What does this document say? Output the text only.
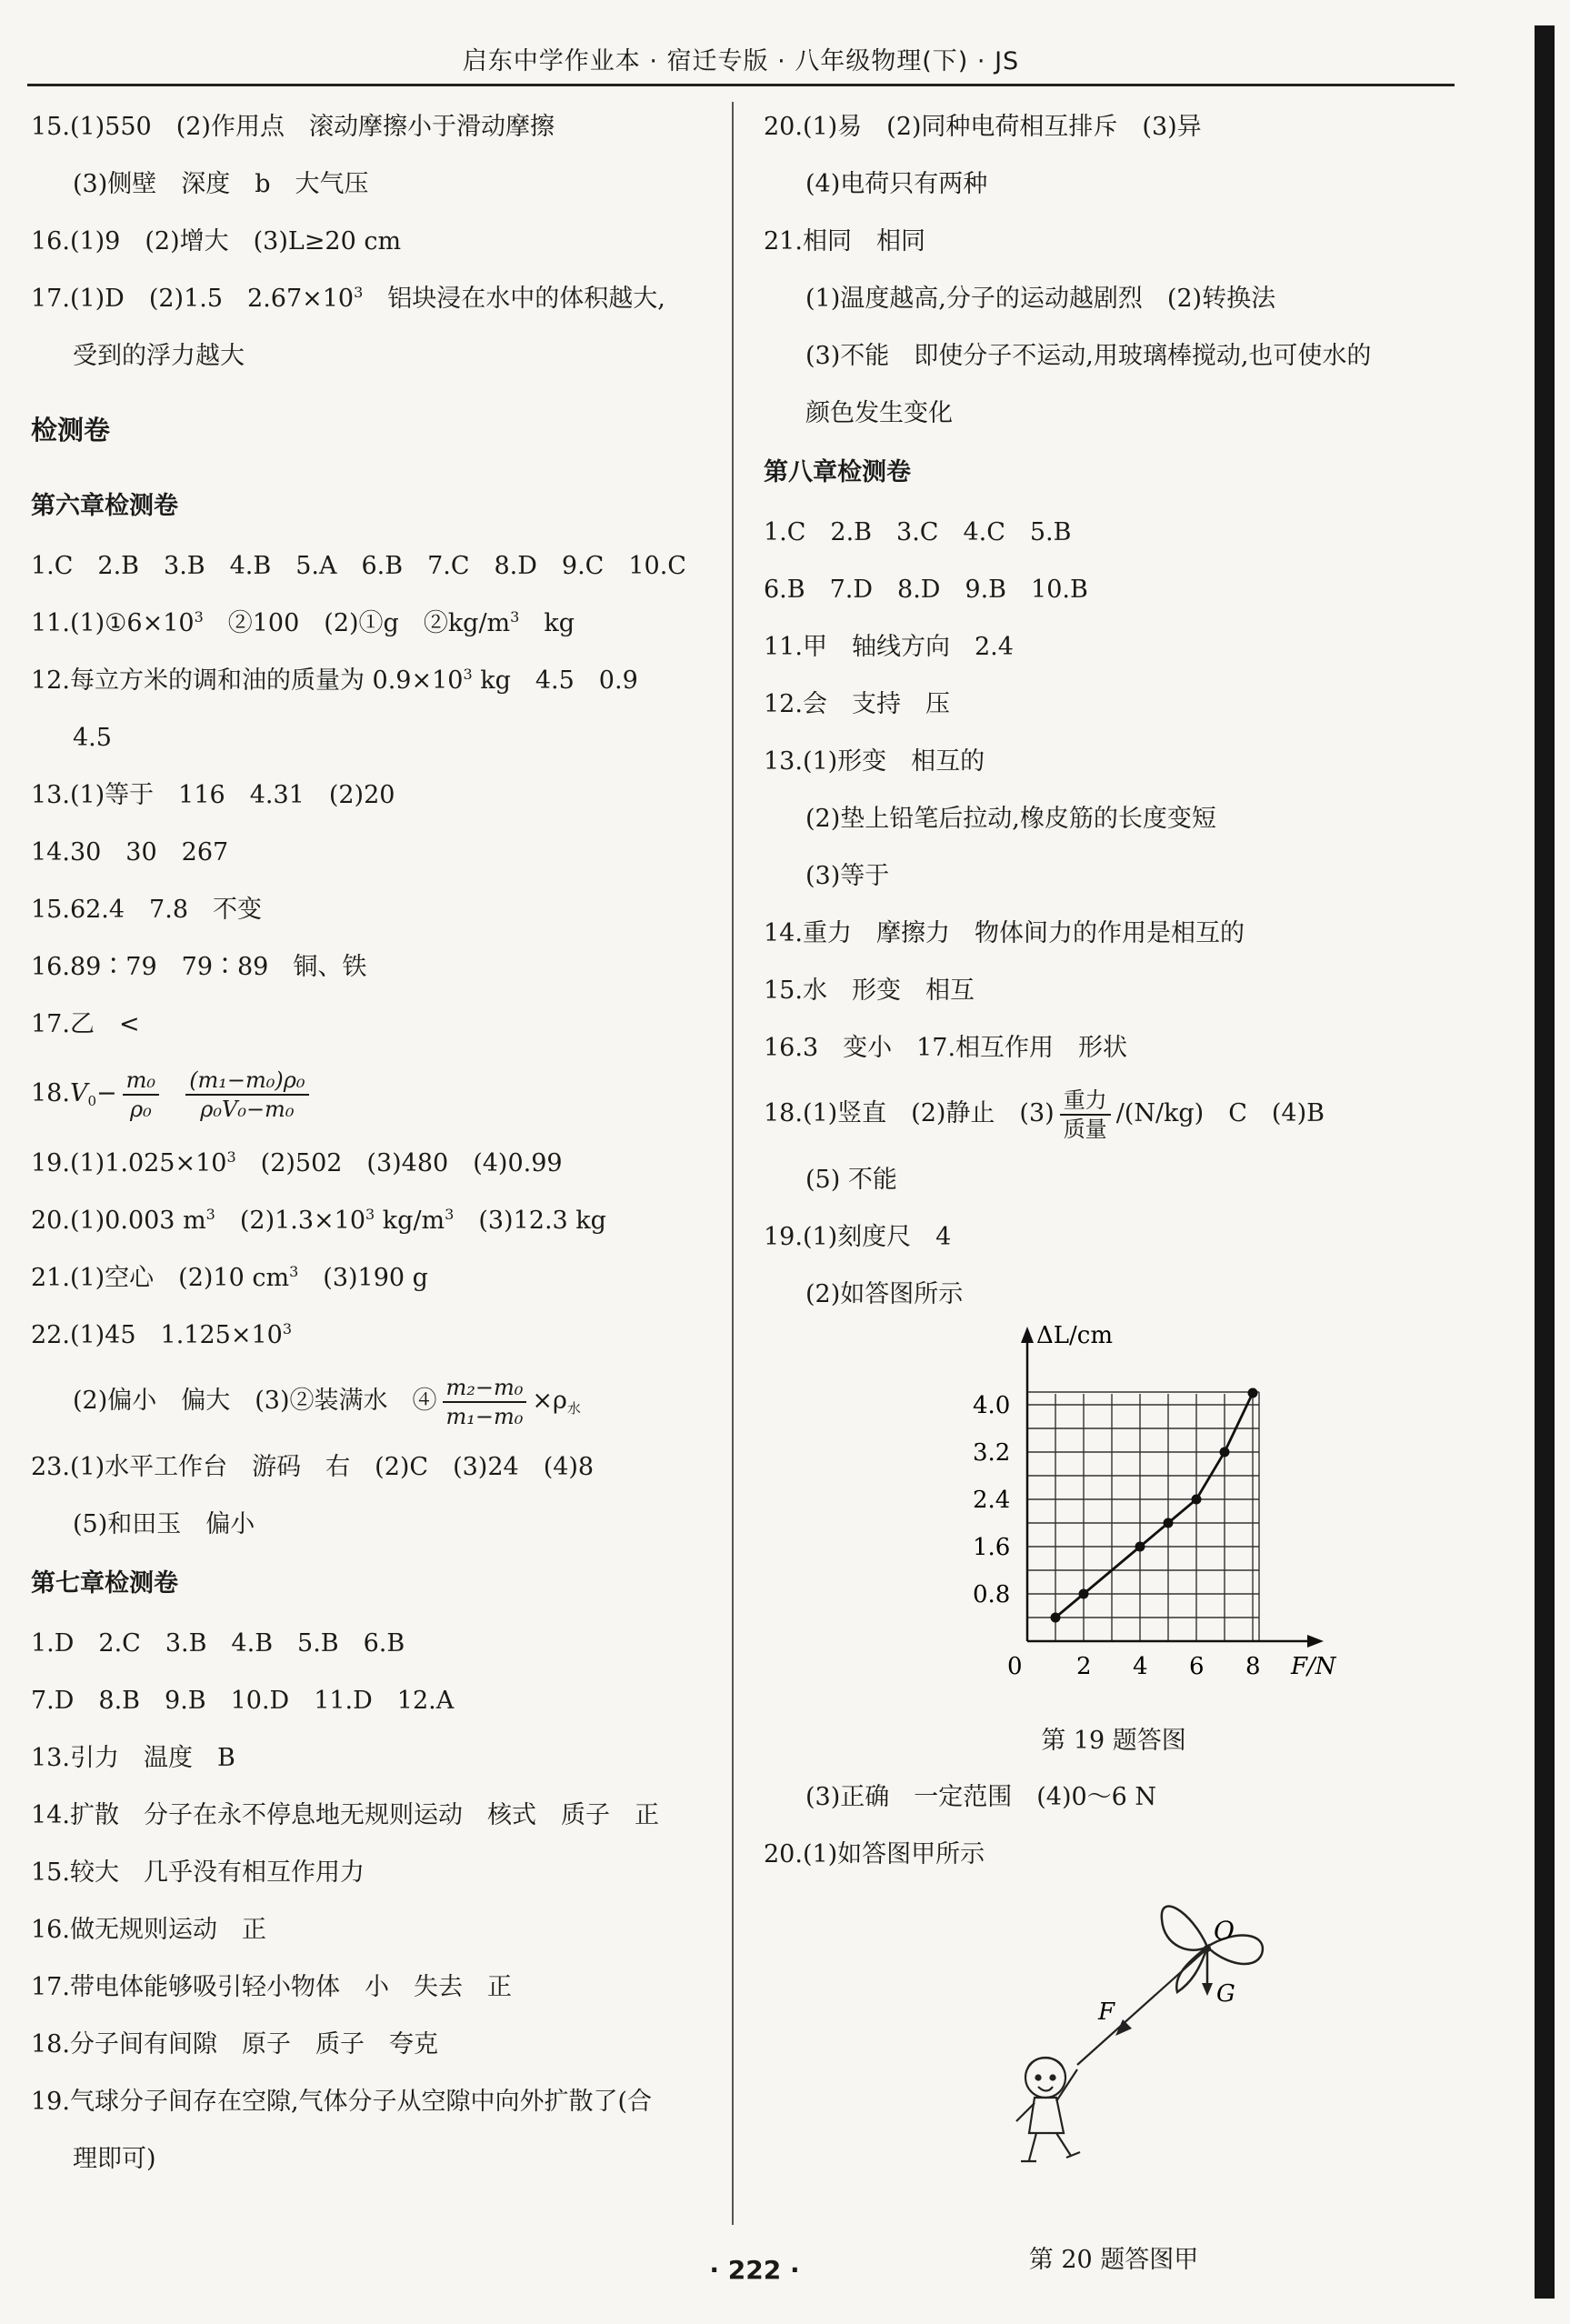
启东中学作业本 · 宿迁专版 · 八年级物理(下) · JS
15.(1)550　(2)作用点　滚动摩擦小于滑动摩擦
(3)侧壁　深度　b　大气压
16.(1)9　(2)增大　(3)L≥20 cm
17.(1)D　(2)1.5　$2.67\times 10^3$　铝块浸在水中的体积越大,
受到的浮力越大
检测卷
第六章检测卷
1.C　2.B　3.B　4.B　5.A　6.B　7.C　8.D　9.C　10.C
$11.(1)①6\times 10^3$　②100　(2)①g　②kg/$m^3$　kg
12.每立方米的调和油的质量为 $0.9\times 10^3$ kg　4.5　0.9
4.5
13.(1)等于　116　4.31　(2)20
14.30　30　267
15.62.4　7.8　不变
16.89∶79　79∶89　铜、铁
17.乙　<
$18.V_0- \frac{\text{m₀}}{\text{ρ₀}}$
$\frac{\text{(m₁−m₀)ρ₀}}{\text{ρ₀V₀−m₀}}$
$19.(1)1.025\times 10^3$　(2)502　(3)480　(4)0.99
20.(1)0.003 $m^3$　$(2)1.3\times 10^3$ $kg/m^3$　(3)12.3 kg
21.(1)空心　(2)10 $cm^3$　(3)190 g
22.(1)45　$1.125\times 10^3$
(2)偏小　偏大　(3)②装满水　④ $\frac{\text{m₂−m₀}}{\text{m₁−m₀}} \times\rho_水$
23.(1)水平工作台　游码　右　(2)C　(3)24　(4)8
(5)和田玉　偏小
第七章检测卷
1.D　2.C　3.B　4.B　5.B　6.B
7.D　8.B　9.B　10.D　11.D　12.A
13.引力　温度　B
14.扩散　分子在永不停息地无规则运动　核式　质子　正
15.较大　几乎没有相互作用力
16.做无规则运动　正
17.带电体能够吸引轻小物体　小　失去　正
18.分子间有间隙　原子　质子　夸克
19.气球分子间存在空隙,气体分子从空隙中向外扩散了(合
理即可)
20.(1)易　(2)同种电荷相互排斥　(3)异
(4)电荷只有两种
21.相同　相同
(1)温度越高,分子的运动越剧烈　(2)转换法
(3)不能　即使分子不运动,用玻璃棒搅动,也可使水的
颜色发生变化
第八章检测卷
1.C　2.B　3.C　4.C　5.B
6.B　7.D　8.D　9.B　10.B
11.甲　轴线方向　2.4
12.会　支持　压
13.(1)形变　相互的
(2)垫上铅笔后拉动,橡皮筋的长度变短
(3)等于
14.重力　摩擦力　物体间力的作用是相互的
15.水　形变　相互
16.3　变小　17.相互作用　形状
18.(1)竖直　(2)静止　$(3) \frac{\text{重力}}{\text{质量}} /(N/kg)$　C　(4)B
(5) 不能
19.(1)刻度尺　4
(2)如答图所示
ΔL/cm
F/N
0 2 4 6 8
0.8
1.6
2.4
3.2
4.0
第 19 题答图
(3)正确　一定范围　(4)0～6 N
20.(1)如答图甲所示
O
G
F
第 20 题答图甲
· 222 ·
